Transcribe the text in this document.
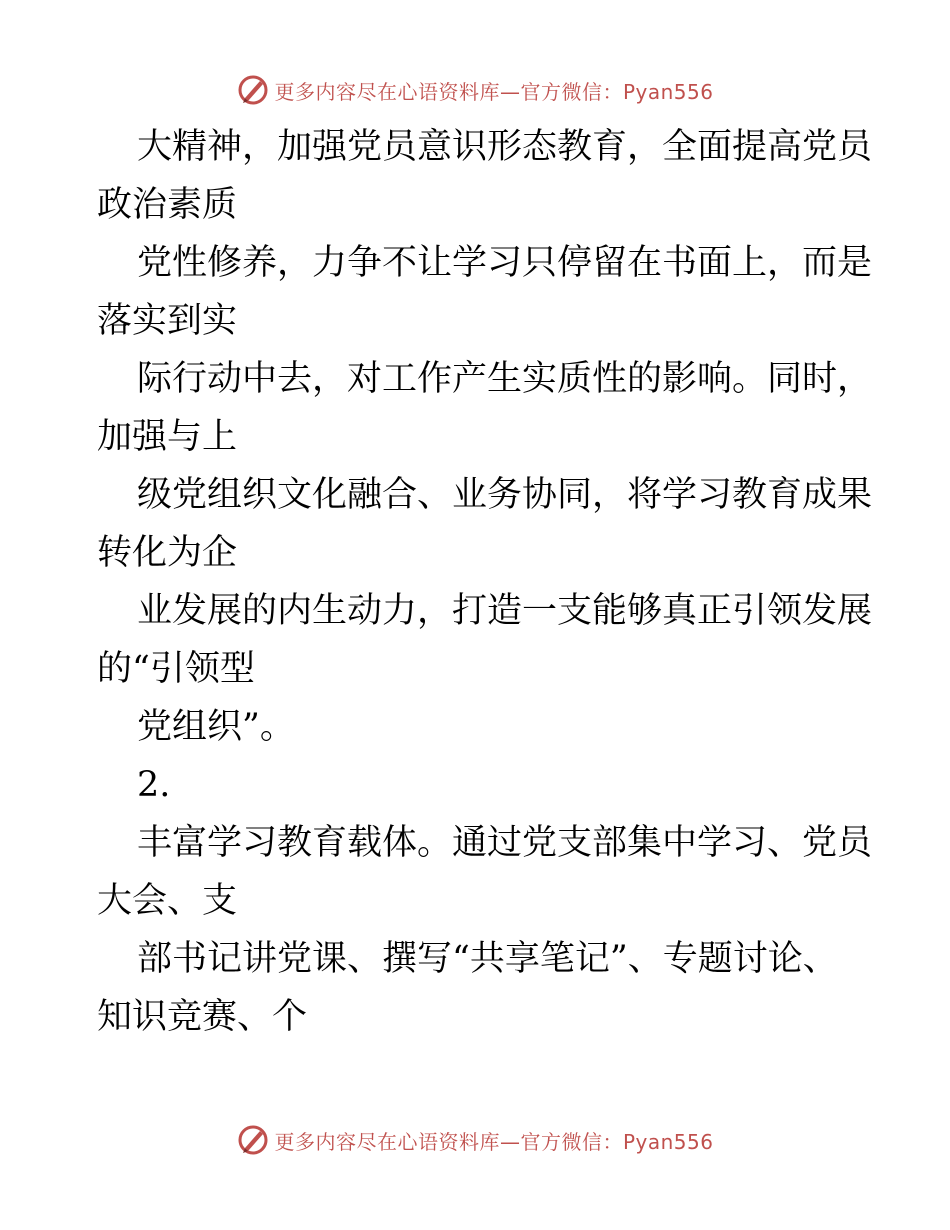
更多内容尽在心语资料库—官方微信：Pyan556

大精神，加强党员意识形态教育，全面提高党员

政治素质

党性修养，力争不让学习只停留在书面上，而是

落实到实

际行动中去，对工作产生实质性的影响。同时，

加强与上

级党组织文化融合、业务协同，将学习教育成果

转化为企

业发展的内生动力，打造一支能够真正引领发展

的“引领型

党组织”。

2.

丰富学习教育载体。通过党支部集中学习、党员

大会、支

部书记讲党课、撰写“共享笔记”、专题讨论、

知识竞赛、个

更多内容尽在心语资料库—官方微信：Pyan556
